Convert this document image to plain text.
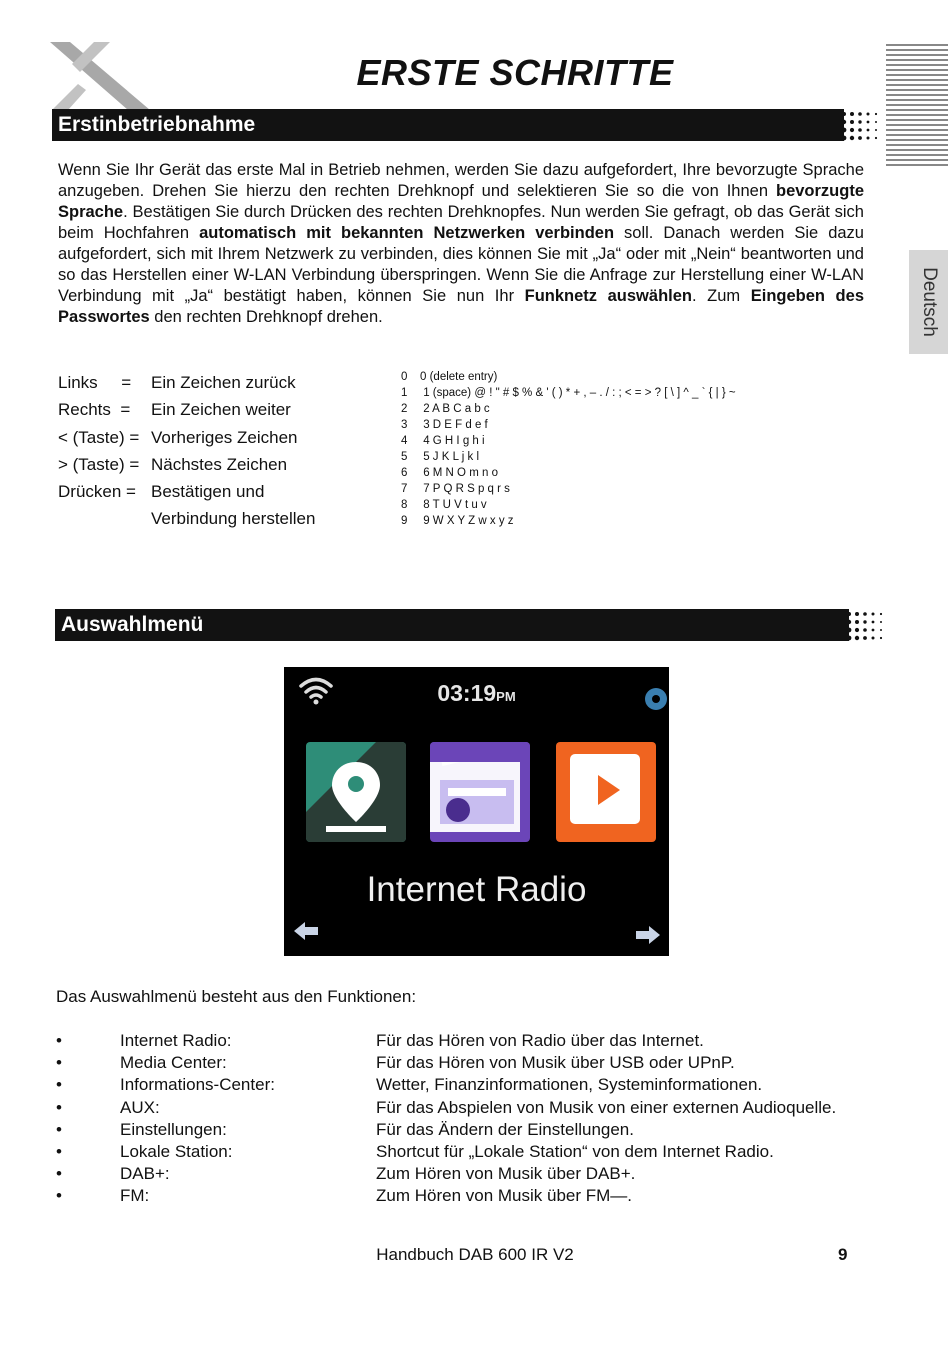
ERSTE SCHRITTE
Deutsch
Erstinbetriebnahme
Wenn Sie Ihr Gerät das erste Mal in Betrieb nehmen, werden Sie dazu aufgefordert, Ihre bevorzugte Sprache anzugeben. Drehen Sie hierzu den rechten Drehknopf und selektieren Sie so die von Ihnen bevorzugte Sprache. Bestätigen Sie durch Drücken des rechten Drehknopfes. Nun werden Sie gefragt, ob das Gerät sich beim Hochfahren automatisch mit bekannten Netzwerken verbinden soll. Danach werden Sie dazu aufgefordert, sich mit Ihrem Netzwerk zu verbinden, dies können Sie mit „Ja“ oder mit „Nein“ beantworten und so das Herstellen einer W-LAN Verbindung überspringen. Wenn Sie die Anfrage zur Herstellung einer W-LAN Verbindung mit „Ja“ bestätigt haben, können Sie nun Ihr Funknetz auswählen. Zum Eingeben des Passwortes den rechten Drehknopf drehen.
Links     =	Ein Zeichen zurück
Rechts  =	Ein Zeichen weiter
< (Taste) = Vorheriges Zeichen
> (Taste) = Nächstes Zeichen
Drücken = Bestätigen und
Verbindung herstellen
0	0 (delete entry)
1	1 (space) @ ! " # $ % & ' ( ) * + , – . / : ; < = > ? [ \ ] ^ _ ` { | } ~
2	2 A B C a b c
3	3 D E F d e f
4	4 G H I g h i
5	5 J K L j k l
6	6 M N O m n o
7	7 P Q R S p q r s
8	8 T U V t u v
9	9 W X Y Z w x y z
Auswahlmenü
03:19PM
Internet Radio
Das Auswahlmenü besteht aus den Funktionen:
•	Internet Radio:	Für das Hören von Radio über das Internet.
•	Media Center:	Für das Hören von Musik über USB oder UPnP.
•	Informations-Center:	Wetter, Finanzinformationen, Systeminformationen.
•	AUX:	Für das Abspielen von Musik von einer externen Audioquelle.
•	Einstellungen:	Für das Ändern der Einstellungen.
•	Lokale Station:	Shortcut für „Lokale Station“ von dem Internet Radio.
•	DAB+:	Zum Hören von Musik über DAB+.
•	FM:	Zum Hören von Musik über FM—.
Handbuch DAB 600 IR V2	9
